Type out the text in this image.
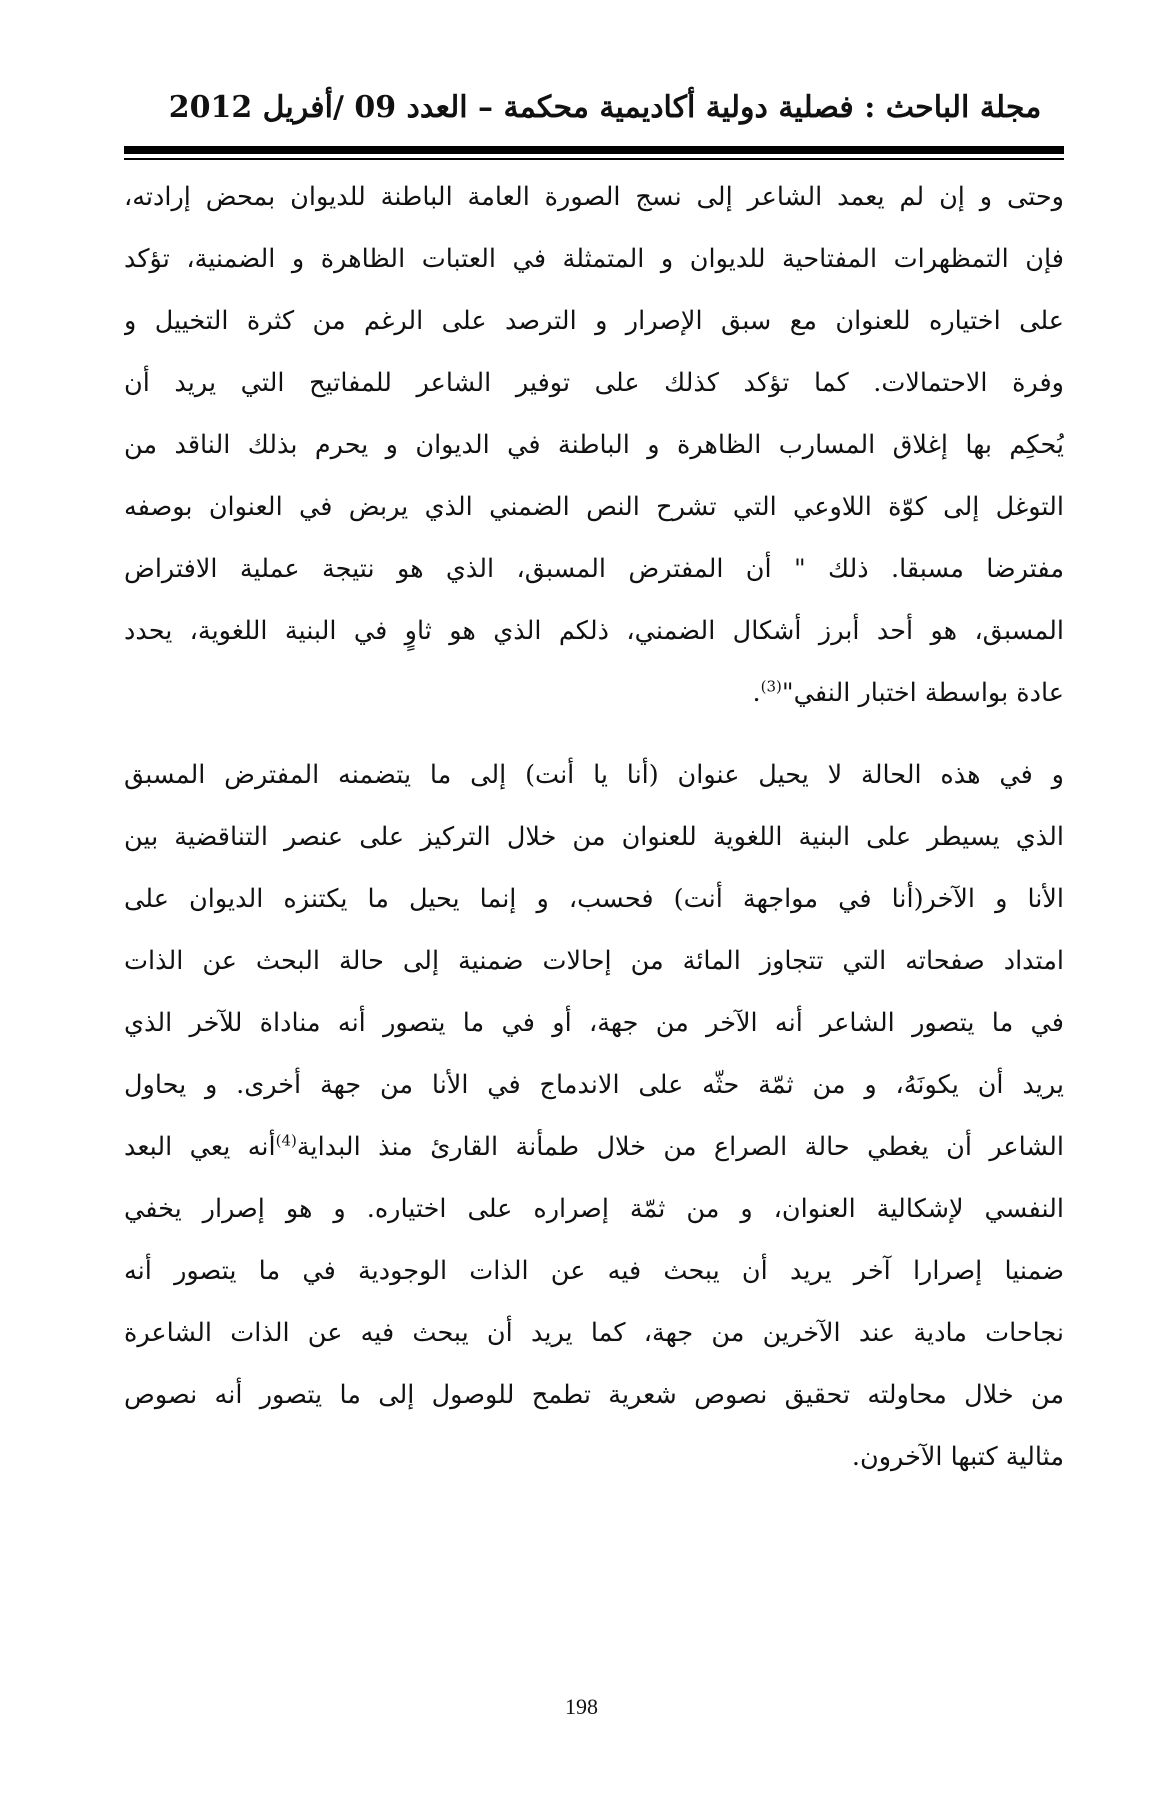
مجلة الباحث : فصلية دولية أكاديمية محكمة – العدد 09 /أفريل 2012
وحتى و إن لم يعمد الشاعر إلى نسج الصورة العامة الباطنة للديوان بمحض إرادته،
فإن التمظهرات المفتاحية للديوان و المتمثلة في العتبات الظاهرة و الضمنية، تؤكد
على اختياره للعنوان مع سبق الإصرار و الترصد على الرغم من كثرة التخييل و
وفرة الاحتمالات. كما تؤكد كذلك على توفير الشاعر للمفاتيح التي يريد أن
يُحكِم بها إغلاق المسارب الظاهرة و الباطنة في الديوان و يحرم بذلك الناقد من
التوغل إلى كوّة اللاوعي التي تشرح النص الضمني الذي يربض في العنوان بوصفه
مفترضا مسبقا. ذلك " أن المفترض المسبق، الذي هو نتيجة عملية الافتراض
المسبق، هو أحد أبرز أشكال الضمني، ذلكم الذي هو ثاوٍ في البنية اللغوية، يحدد
عادة بواسطة اختبار النفي"$^{(3)}$.
و في هذه الحالة لا يحيل عنوان (أنا يا أنت) إلى ما يتضمنه المفترض المسبق
الذي يسيطر على البنية اللغوية للعنوان من خلال التركيز على عنصر التناقضية بين
الأنا و الآخر(أنا في مواجهة أنت) فحسب، و إنما يحيل ما يكتنزه الديوان على
امتداد صفحاته التي تتجاوز المائة من إحالات ضمنية إلى حالة البحث عن الذات
في ما يتصور الشاعر أنه الآخر من جهة، أو في ما يتصور أنه مناداة للآخر الذي
يريد أن يكونَهُ، و من ثمّة حثّه على الاندماج في الأنا من جهة أخرى. و يحاول
الشاعر أن يغطي حالة الصراع من خلال طمأنة القارئ منذ البداية$^{(4)}$أنه يعي البعد
النفسي لإشكالية العنوان، و من ثمّة إصراره على اختياره. و هو إصرار يخفي
ضمنيا إصرارا آخر يريد أن يبحث فيه عن الذات الوجودية في ما يتصور أنه
نجاحات مادية عند الآخرين من جهة، كما يريد أن يبحث فيه عن الذات الشاعرة
من خلال محاولته تحقيق نصوص شعرية تطمح للوصول إلى ما يتصور أنه نصوص
مثالية كتبها الآخرون.
198
